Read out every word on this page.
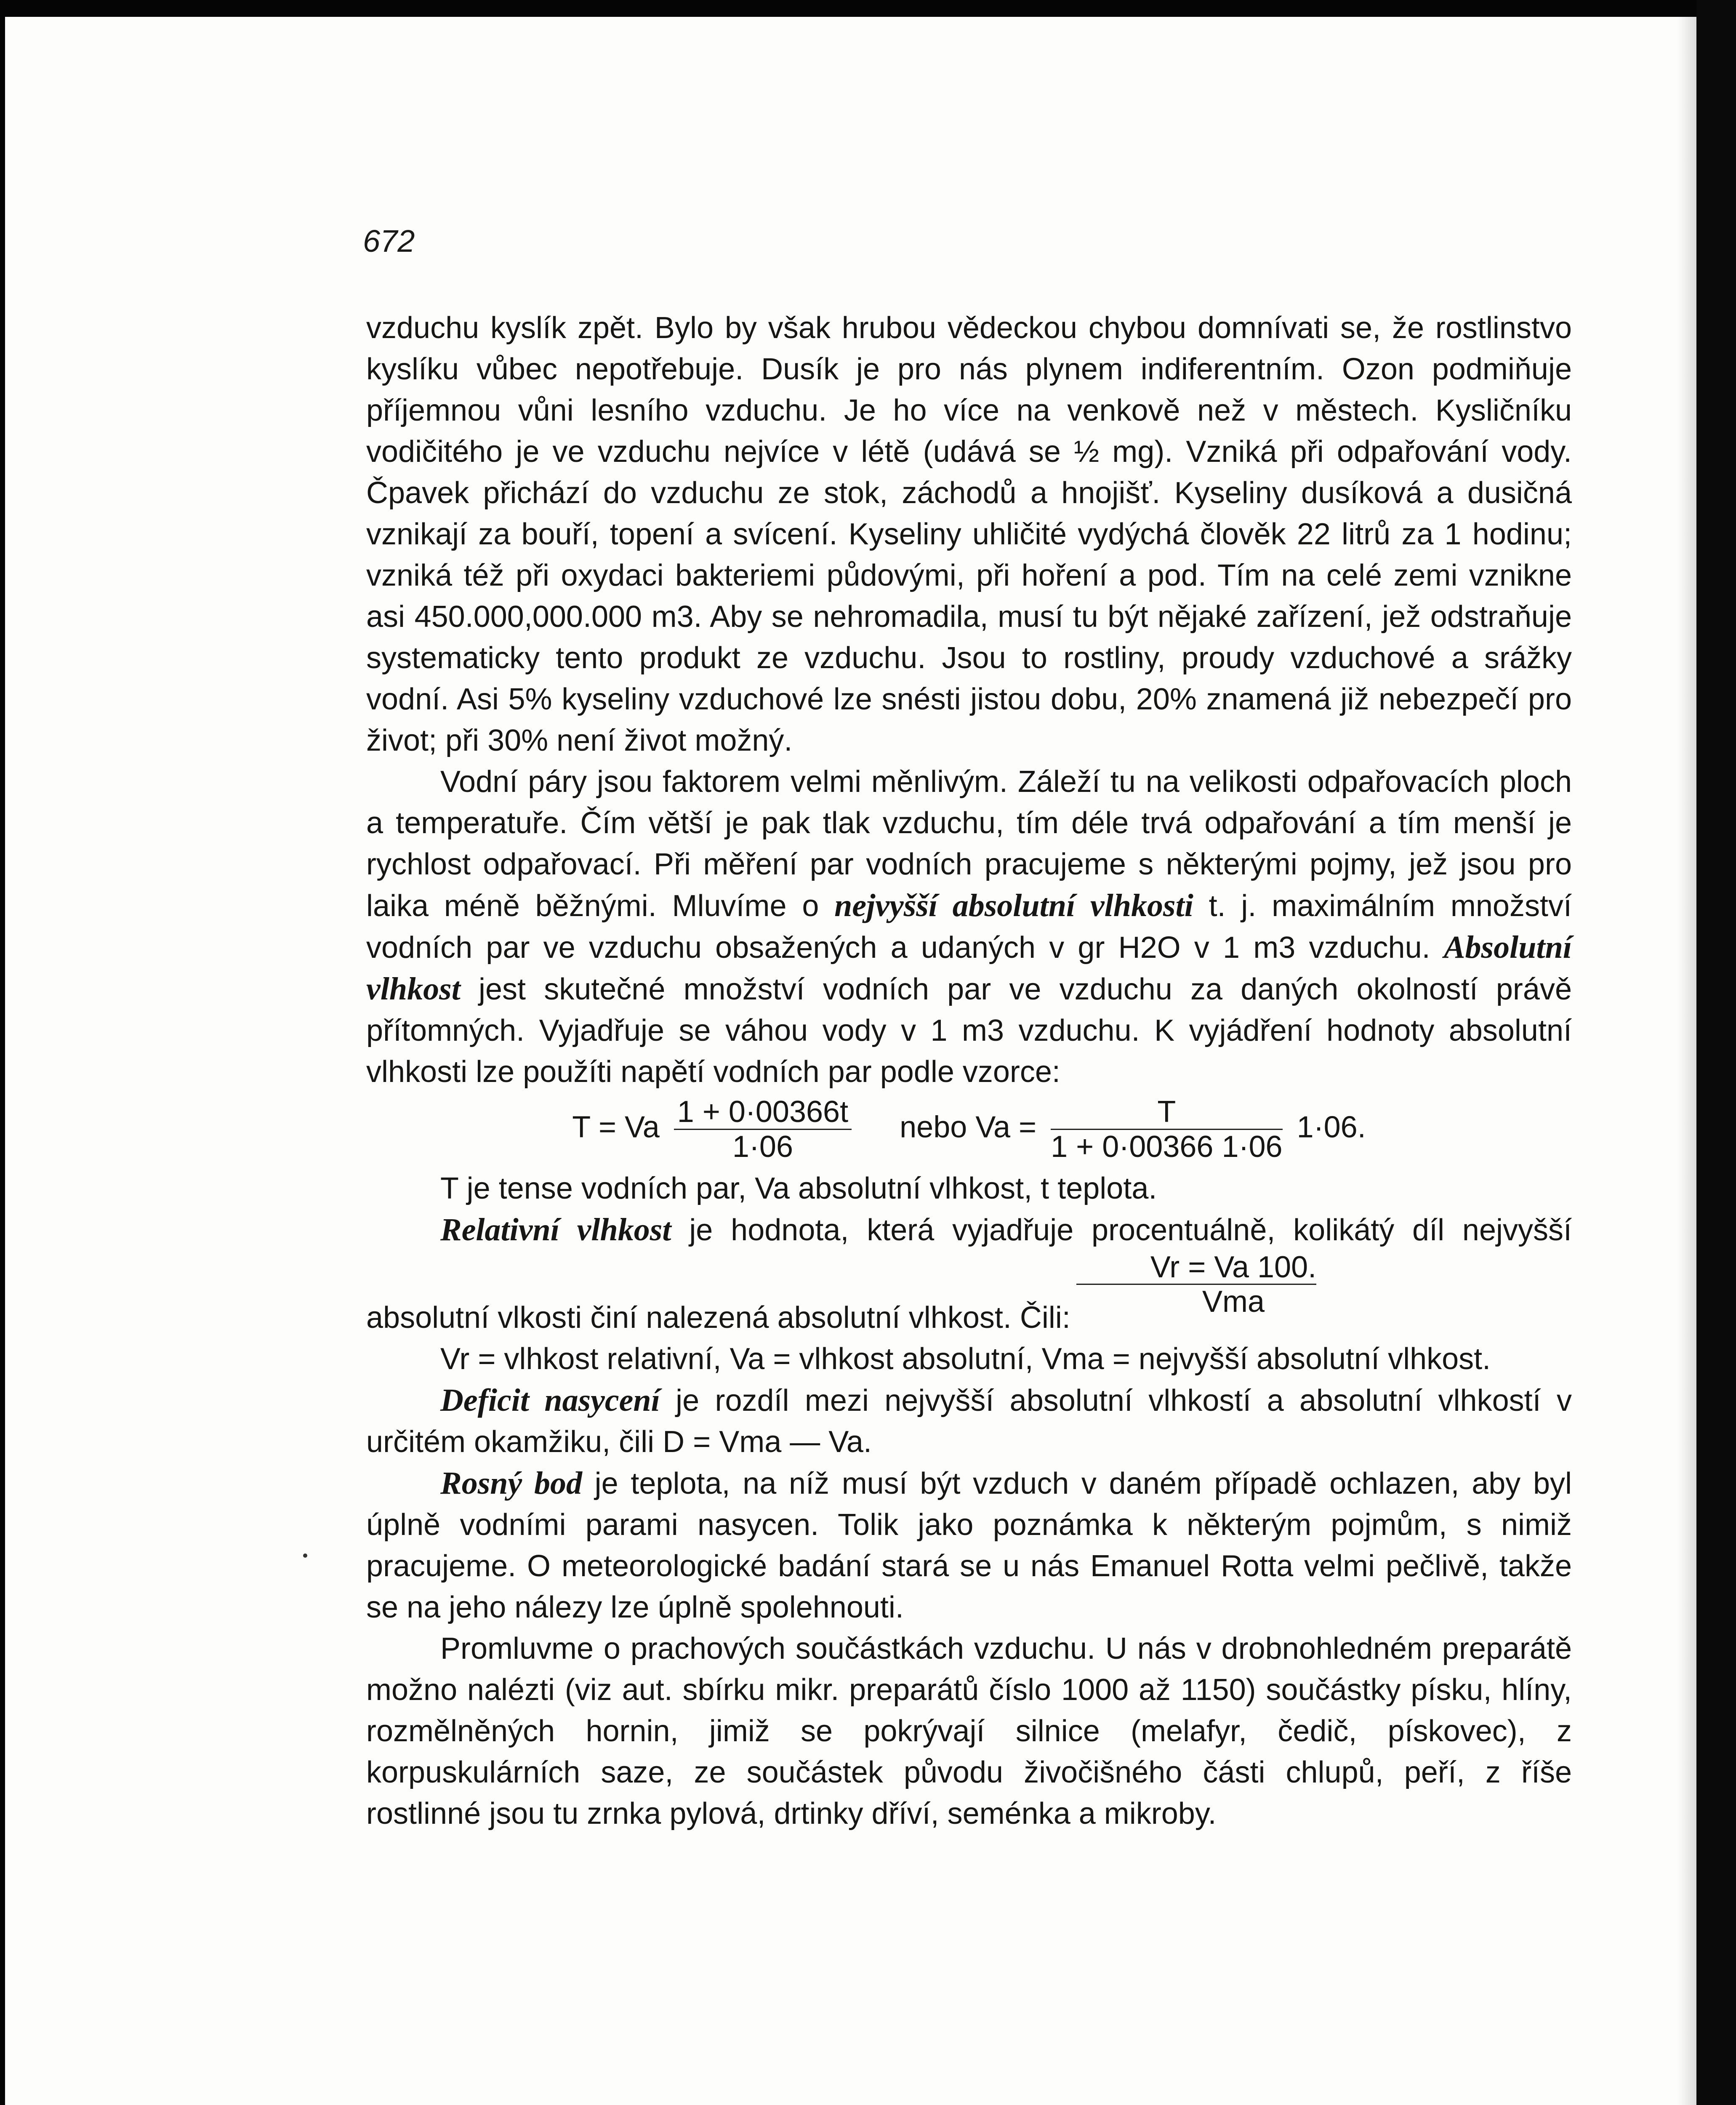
672

vzduchu kyslík zpět. Bylo by však hrubou vědeckou chybou domnívati se, že rostlinstvo kyslíku vůbec nepotřebuje. Dusík je pro nás plynem indiferentním. Ozon podmiňuje příjemnou vůni lesního vzduchu. Je ho více na venkově než v městech. Kysličníku vodičitého je ve vzduchu nejvíce v létě (udává se ½ mg). Vzniká při odpařování vody. Čpavek přichází do vzduchu ze stok, záchodů a hnojišť. Kyseliny dusíková a dusičná vznikají za bouří, topení a svícení. Kyseliny uhličité vydýchá člověk 22 litrů za 1 hodinu; vzniká též při oxydaci bakteriemi půdovými, při hoření a pod. Tím na celé zemi vznikne asi 450.000,000.000 m3. Aby se nehromadila, musí tu být nějaké zařízení, jež odstraňuje systematicky tento produkt ze vzduchu. Jsou to rostliny, proudy vzduchové a srážky vodní. Asi 5% kyseliny vzduchové lze snésti jistou dobu, 20% znamená již nebezpečí pro život; při 30% není život možný.

Vodní páry jsou faktorem velmi měnlivým. Záleží tu na velikosti odpařovacích ploch a temperatuře. Čím větší je pak tlak vzduchu, tím déle trvá odpařování a tím menší je rychlost odpařovací. Při měření par vodních pracujeme s některými pojmy, jež jsou pro laika méně běžnými. Mluvíme o nejvyšší absolutní vlhkosti t. j. maximálním množství vodních par ve vzduchu obsažených a udaných v gr H2O v 1 m3 vzduchu. Absolutní vlhkost jest skutečné množství vodních par ve vzduchu za daných okolností právě přítomných. Vyjadřuje se váhou vody v 1 m3 vzduchu. K vyjádření hodnoty absolutní vlhkosti lze použíti napětí vodních par podle vzorce:

T = Va $\frac{1 + 0\cdot 00366t}{1\cdot 06}$ nebo $Va = \frac{T}{1 + 0\cdot 00366 1\cdot 06} 1\cdot 06$.

T je tense vodních par, Va absolutní vlhkost, t teplota.

Relativní vlhkost je hodnota, která vyjadřuje procentuálně, kolikátý díl nejvyšší absolutní vlkosti činí nalezená absolutní vlhkost. Čili: $\frac{Vr = Va 100.}{\text{Vma}}$

Vr = vlhkost relativní, Va = vlhkost absolutní, Vma = nejvyšší absolutní vlhkost.

Deficit nasycení je rozdíl mezi nejvyšší absolutní vlhkostí a absolutní vlhkostí v určitém okamžiku, čili D = Vma — Va.

Rosný bod je teplota, na níž musí být vzduch v daném případě ochlazen, aby byl úplně vodními parami nasycen. Tolik jako poznámka k některým pojmům, s nimiž pracujeme. O meteorologické badání stará se u nás Emanuel Rotta velmi pečlivě, takže se na jeho nálezy lze úplně spolehnouti.

Promluvme o prachových součástkách vzduchu. U nás v drobnohledném preparátě možno nalézti (viz aut. sbírku mikr. preparátů číslo 1000 až 1150) součástky písku, hlíny, rozmělněných hornin, jimiž se pokrývají silnice (melafyr, čedič, pískovec), z korpuskulárních saze, ze součástek původu živočišného části chlupů, peří, z říše rostlinné jsou tu zrnka pylová, drtinky dříví, seménka a mikroby.
